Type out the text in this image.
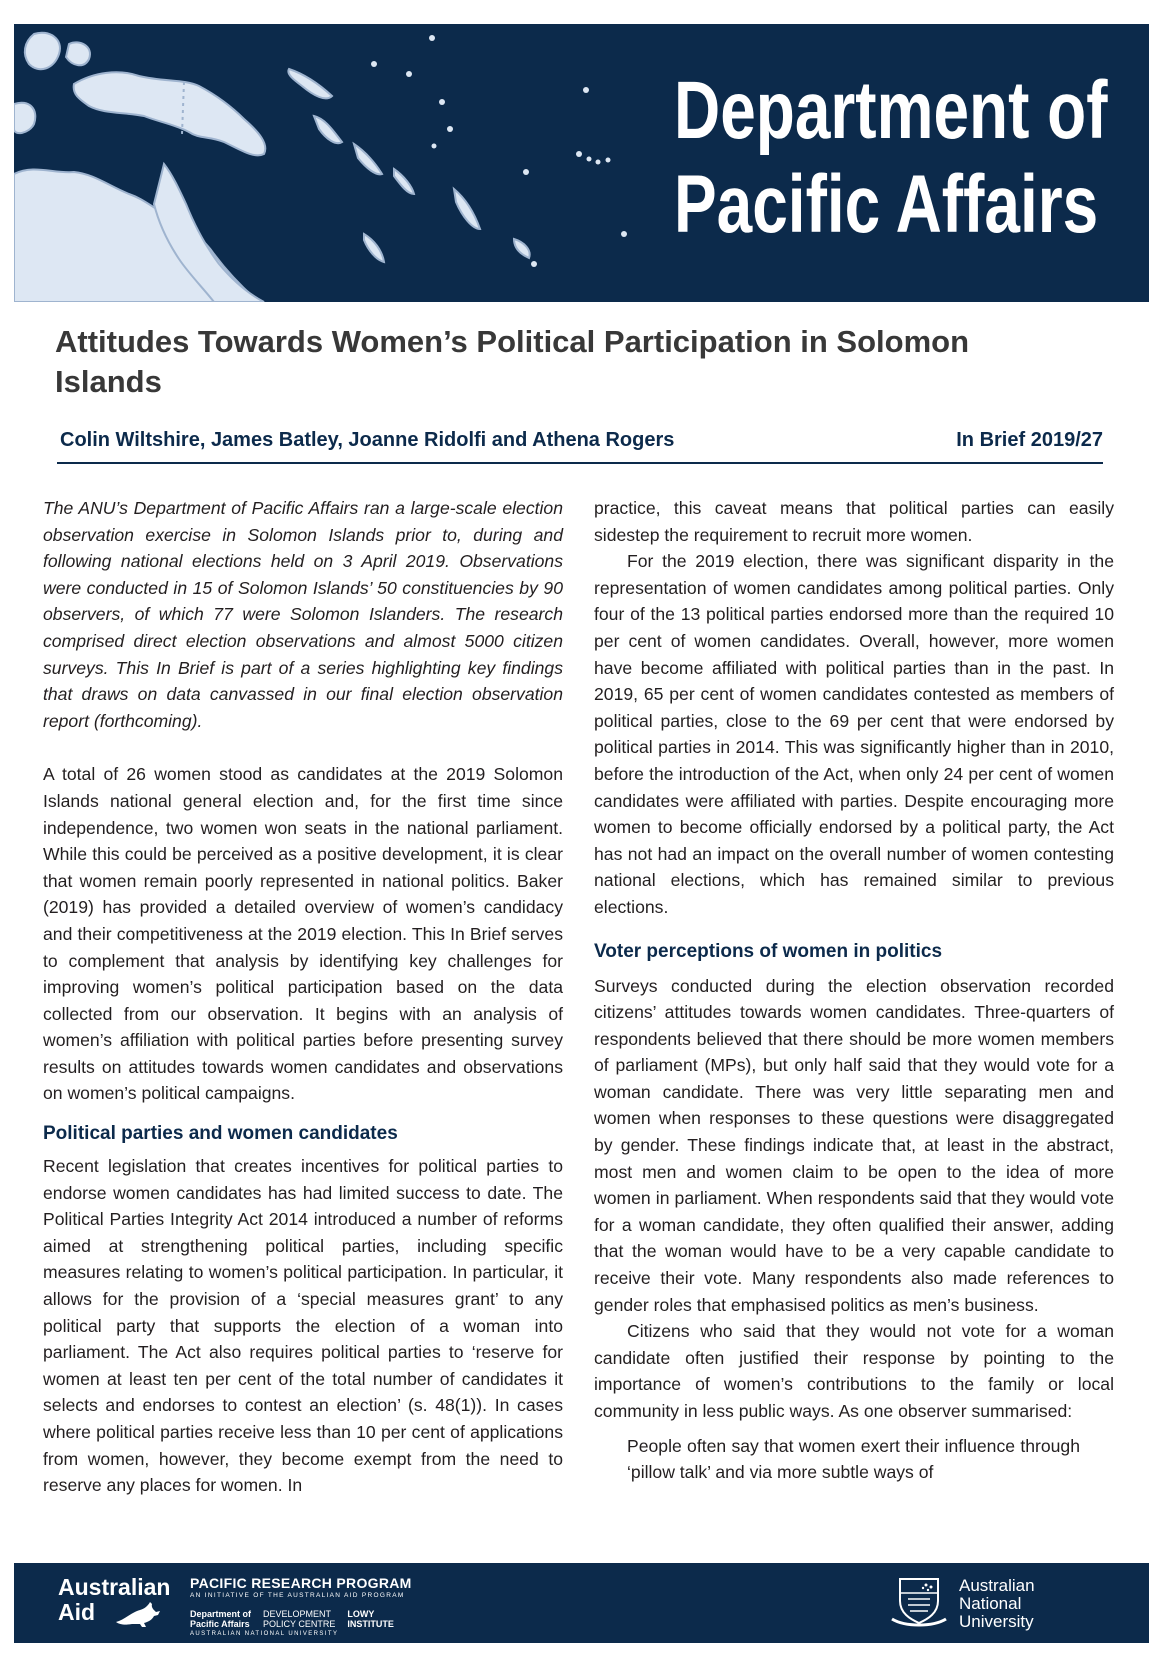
Department of
Pacific Affairs
Attitudes Towards Women’s Political Participation in Solomon Islands
Colin Wiltshire, James Batley, Joanne Ridolfi and Athena Rogers	In Brief 2019/27

The ANU’s Department of Pacific Affairs ran a large-scale election observation exercise in Solomon Islands prior to, during and following national elections held on 3 April 2019. Observations were conducted in 15 of Solomon Islands’ 50 constituencies by 90 observers, of which 77 were Solomon Islanders. The research comprised direct election observations and almost 5000 citizen surveys. This In Brief is part of a series highlighting key findings that draws on data canvassed in our final election observation report (forthcoming).

A total of 26 women stood as candidates at the 2019 Solomon Islands national general election and, for the first time since independence, two women won seats in the national parliament. While this could be perceived as a positive development, it is clear that women remain poorly represented in national politics. Baker (2019) has provided a detailed overview of women’s candidacy and their competitiveness at the 2019 election. This In Brief serves to complement that analysis by identifying key challenges for improving women’s political participation based on the data collected from our observation. It begins with an analysis of women’s affiliation with political parties before presenting survey results on attitudes towards women candidates and observations on women’s political campaigns.

Political parties and women candidates

Recent legislation that creates incentives for political parties to endorse women candidates has had limited success to date. The Political Parties Integrity Act 2014 introduced a number of reforms aimed at strengthening political parties, including specific measures relating to women’s political participation. In particular, it allows for the provision of a ‘special measures grant’ to any political party that supports the election of a woman into parliament. The Act also requires political parties to ‘reserve for women at least ten per cent of the total number of candidates it selects and endorses to contest an election’ (s. 48(1)). In cases where political parties receive less than 10 per cent of applications from women, however, they become exempt from the need to reserve any places for women. In

practice, this caveat means that political parties can easily sidestep the requirement to recruit more women.

For the 2019 election, there was significant disparity in the representation of women candidates among political parties. Only four of the 13 political parties endorsed more than the required 10 per cent of women candidates. Overall, however, more women have become affiliated with political parties than in the past. In 2019, 65 per cent of women candidates contested as members of political parties, close to the 69 per cent that were endorsed by political parties in 2014. This was significantly higher than in 2010, before the introduction of the Act, when only 24 per cent of women candidates were affiliated with parties. Despite encouraging more women to become officially endorsed by a political party, the Act has not had an impact on the overall number of women contesting national elections, which has remained similar to previous elections.

Voter perceptions of women in politics

Surveys conducted during the election observation recorded citizens’ attitudes towards women candidates. Three-quarters of respondents believed that there should be more women members of parliament (MPs), but only half said that they would vote for a woman candidate. There was very little separating men and women when responses to these questions were disaggregated by gender. These findings indicate that, at least in the abstract, most men and women claim to be open to the idea of more women in parliament. When respondents said that they would vote for a woman candidate, they often qualified their answer, adding that the woman would have to be a very capable candidate to receive their vote. Many respondents also made references to gender roles that emphasised politics as men’s business.

Citizens who said that they would not vote for a woman candidate often justified their response by pointing to the importance of women’s contributions to the family or local community in less public ways. As one observer summarised:

People often say that women exert their influence through ‘pillow talk’ and via more subtle ways of

Australian
Aid
PACIFIC RESEARCH PROGRAM
AN INITIATIVE OF THE AUSTRALIAN AID PROGRAM
Department of
Pacific Affairs
DEVELOPMENT
POLICY CENTRE
LOWY
INSTITUTE
AUSTRALIAN NATIONAL UNIVERSITY
Australian
National
University
